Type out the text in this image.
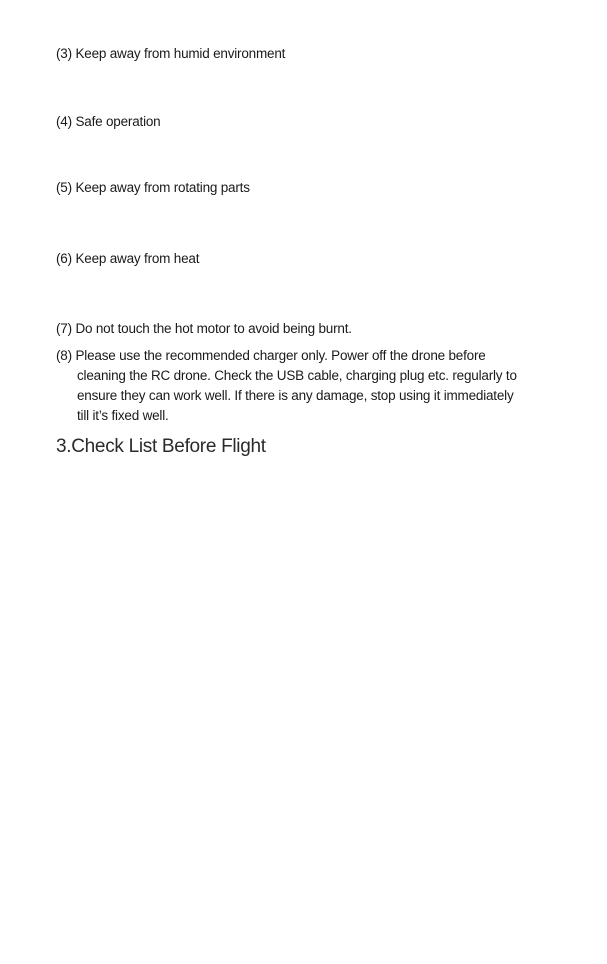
(3) Keep away from humid environment
(4) Safe operation
(5) Keep away from rotating parts
(6) Keep away from heat
(7) Do not touch the hot motor to avoid being burnt.
(8) Please use the recommended charger only. Power off the drone before
cleaning the RC drone. Check the USB cable, charging plug etc. regularly to
ensure they can work well. If there is any damage, stop using it immediately
till it’s fixed well.
3.Check List Before Flight
